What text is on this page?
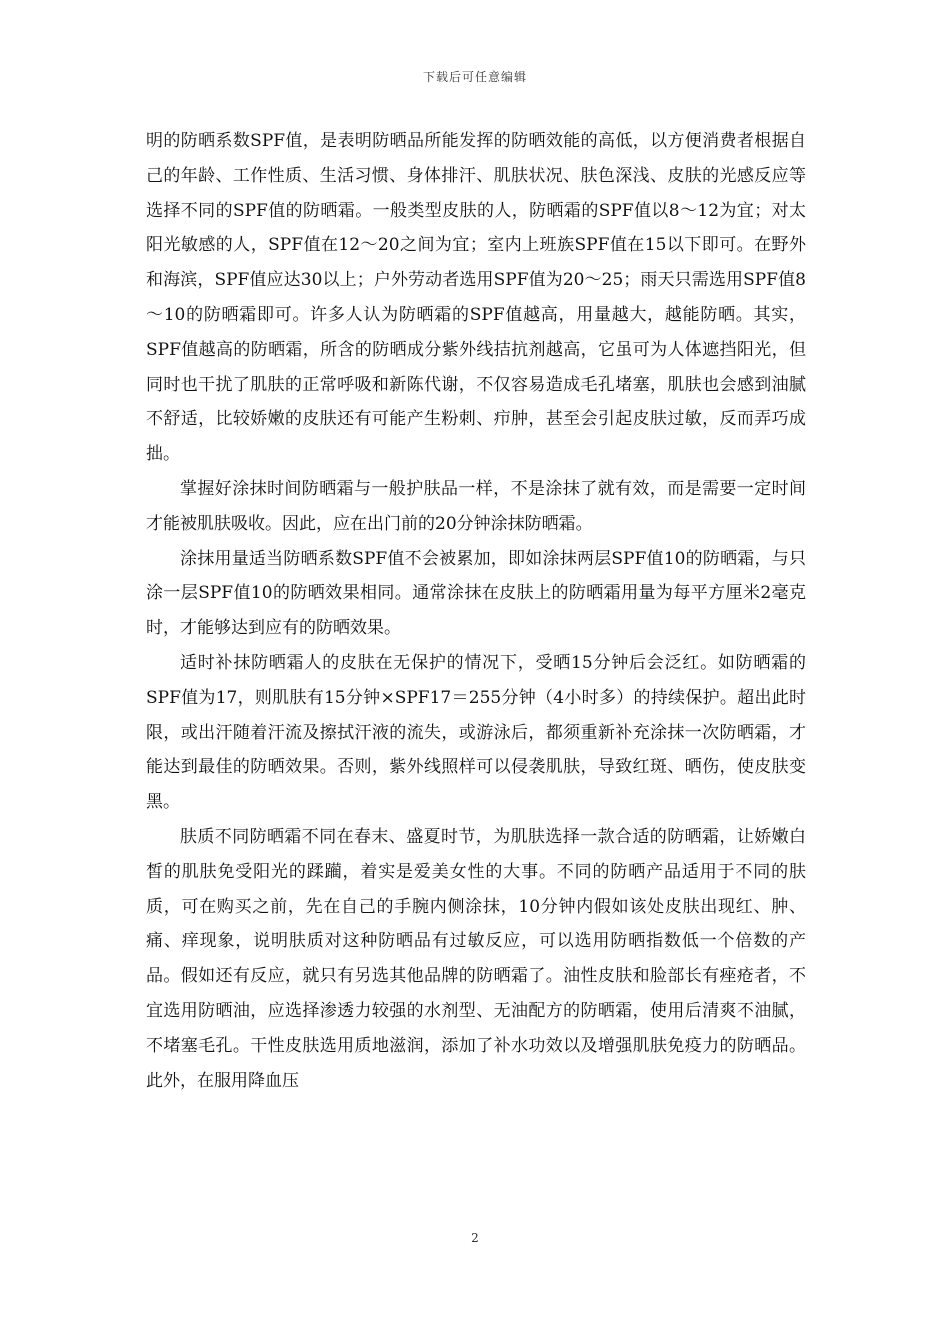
下载后可任意编辑

明的防晒系数SPF值，是表明防晒品所能发挥的防晒效能的高低，以方便消费者根据自己的年龄、工作性质、生活习惯、身体排汗、肌肤状况、肤色深浅、皮肤的光感反应等选择不同的SPF值的防晒霜。一般类型皮肤的人，防晒霜的SPF值以8～12为宜；对太阳光敏感的人，SPF值在12～20之间为宜；室内上班族SPF值在15以下即可。在野外和海滨，SPF值应达30以上；户外劳动者选用SPF值为20～25；雨天只需选用SPF值8～10的防晒霜即可。许多人认为防晒霜的SPF值越高，用量越大，越能防晒。其实， SPF值越高的防晒霜，所含的防晒成分紫外线拮抗剂越高，它虽可为人体遮挡阳光，但同时也干扰了肌肤的正常呼吸和新陈代谢，不仅容易造成毛孔堵塞，肌肤也会感到油腻不舒适，比较娇嫩的皮肤还有可能产生粉刺、疖肿，甚至会引起皮肤过敏，反而弄巧成拙。

掌握好涂抹时间防晒霜与一般护肤品一样，不是涂抹了就有效，而是需要一定时间才能被肌肤吸收。因此，应在出门前的20分钟涂抹防晒霜。

涂抹用量适当防晒系数SPF值不会被累加，即如涂抹两层SPF值10的防晒霜，与只涂一层SPF值10的防晒效果相同。通常涂抹在皮肤上的防晒霜用量为每平方厘米2毫克时，才能够达到应有的防晒效果。

适时补抹防晒霜人的皮肤在无保护的情况下，受晒15分钟后会泛红。如防晒霜的SPF值为17，则肌肤有15分钟×SPF17＝255分钟（4小时多）的持续保护。超出此时限，或出汗随着汗流及擦拭汗液的流失，或游泳后，都须重新补充涂抹一次防晒霜，才能达到最佳的防晒效果。否则，紫外线照样可以侵袭肌肤，导致红斑、晒伤，使皮肤变黑。

肤质不同防晒霜不同在春末、盛夏时节，为肌肤选择一款合适的防晒霜，让娇嫩白皙的肌肤免受阳光的蹂躏，着实是爱美女性的大事。不同的防晒产品适用于不同的肤质，可在购买之前，先在自己的手腕内侧涂抹，10分钟内假如该处皮肤出现红、肿、痛、痒现象，说明肤质对这种防晒品有过敏反应，可以选用防晒指数低一个倍数的产品。假如还有反应，就只有另选其他品牌的防晒霜了。油性皮肤和脸部长有痤疮者，不宜选用防晒油，应选择渗透力较强的水剂型、无油配方的防晒霜，使用后清爽不油腻，不堵塞毛孔。干性皮肤选用质地滋润，添加了补水功效以及增强肌肤免疫力的防晒品。此外，在服用降血压

2
